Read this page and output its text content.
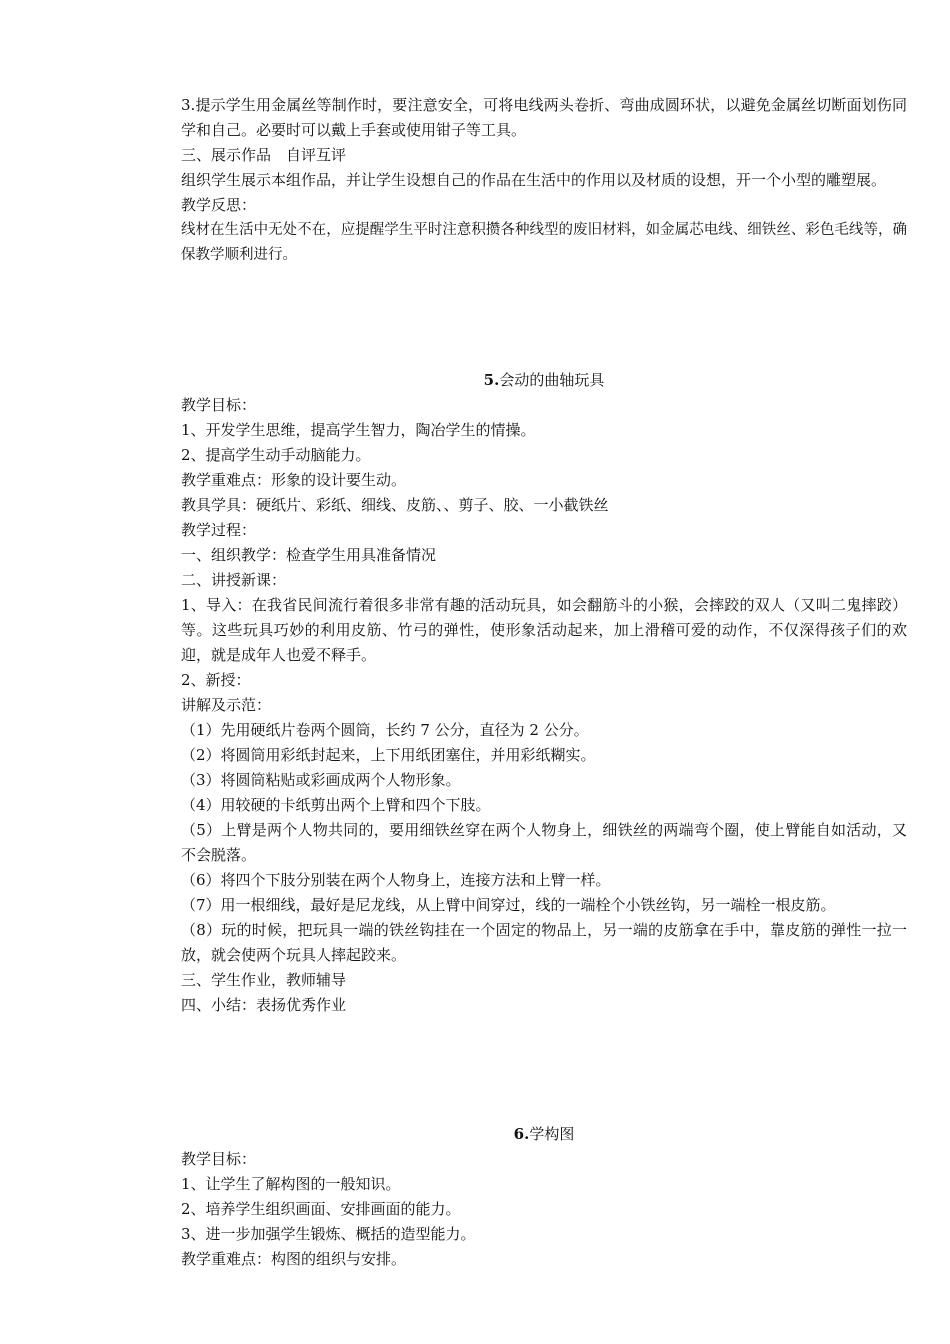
3.提示学生用金属丝等制作时，要注意安全，可将电线两头卷折、弯曲成圆环状，以避免金属丝切断面划伤同学和自己。必要时可以戴上手套或使用钳子等工具。

三、展示作品　自评互评

组织学生展示本组作品，并让学生设想自己的作品在生活中的作用以及材质的设想，开一个小型的雕塑展。

教学反思：

线材在生活中无处不在，应提醒学生平时注意积攒各种线型的废旧材料，如金属芯电线、细铁丝、彩色毛线等，确保教学顺利进行。

5.会动的曲轴玩具

教学目标：

1、开发学生思维，提高学生智力，陶冶学生的情操。

2、提高学生动手动脑能力。

教学重难点：形象的设计要生动。

教具学具：硬纸片、彩纸、细线、皮筋、、剪子、胶、一小截铁丝

教学过程：

一、组织教学：检查学生用具准备情况

二、讲授新课：

1、导入：在我省民间流行着很多非常有趣的活动玩具，如会翻筋斗的小猴，会摔跤的双人（又叫二鬼摔跤）等。这些玩具巧妙的利用皮筋、竹弓的弹性，使形象活动起来，加上滑稽可爱的动作，不仅深得孩子们的欢迎，就是成年人也爱不释手。

2、新授：

讲解及示范：

（1）先用硬纸片卷两个圆筒，长约 7 公分，直径为 2 公分。

（2）将圆筒用彩纸封起来，上下用纸团塞住，并用彩纸糊实。

（3）将圆筒粘贴或彩画成两个人物形象。

（4）用较硬的卡纸剪出两个上臂和四个下肢。

（5）上臂是两个人物共同的，要用细铁丝穿在两个人物身上，细铁丝的两端弯个圈，使上臂能自如活动，又不会脱落。

（6）将四个下肢分别装在两个人物身上，连接方法和上臂一样。

（7）用一根细线，最好是尼龙线，从上臂中间穿过，线的一端栓个小铁丝钩，另一端栓一根皮筋。

（8）玩的时候，把玩具一端的铁丝钩挂在一个固定的物品上，另一端的皮筋拿在手中，靠皮筋的弹性一拉一放，就会使两个玩具人摔起跤来。

三、学生作业，教师辅导

四、小结：表扬优秀作业

6.学构图

教学目标：

1、让学生了解构图的一般知识。

2、培养学生组织画面、安排画面的能力。

3、进一步加强学生锻炼、概括的造型能力。

教学重难点：构图的组织与安排。
